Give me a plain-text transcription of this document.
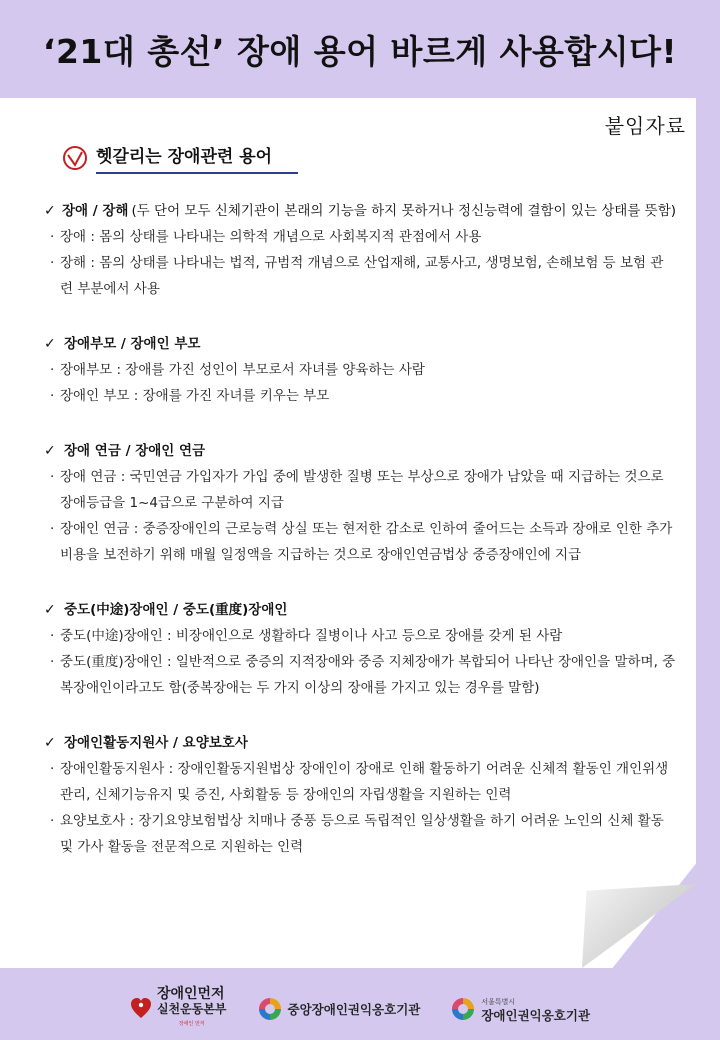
‘21대 총선’ 장애 용어 바르게 사용합시다!
붙임자료
헷갈리는 장애관련 용어
✓ 장애 / 장해 (두 단어 모두 신체기관이 본래의 기능을 하지 못하거나 정신능력에 결함이 있는 상태를 뜻함)
· 장애 : 몸의 상태를 나타내는 의학적 개념으로 사회복지적 관점에서 사용
· 장해 : 몸의 상태를 나타내는 법적, 규범적 개념으로 산업재해, 교통사고, 생명보험, 손해보험 등 보험 관련 부분에서 사용
✓ 장애부모 / 장애인 부모
· 장애부모 : 장애를 가진 성인이 부모로서 자녀를 양육하는 사람
· 장애인 부모 : 장애를 가진 자녀를 키우는 부모
✓ 장애 연금 / 장애인 연금
· 장애 연금 : 국민연금 가입자가 가입 중에 발생한 질병 또는 부상으로 장애가 남았을 때 지급하는 것으로 장애등급을 1~4급으로 구분하여 지급
· 장애인 연금 : 중증장애인의 근로능력 상실 또는 현저한 감소로 인하여 줄어드는 소득과 장애로 인한 추가 비용을 보전하기 위해 매월 일정액을 지급하는 것으로 장애인연금법상 중증장애인에 지급
✓ 중도(中途)장애인 / 중도(重度)장애인
· 중도(中途)장애인 : 비장애인으로 생활하다 질병이나 사고 등으로 장애를 갖게 된 사람
· 중도(重度)장애인 : 일반적으로 중증의 지적장애와 중증 지체장애가 복합되어 나타난 장애인을 말하며, 중복장애인이라고도 함(중복장애는 두 가지 이상의 장애를 가지고 있는 경우를 말함)
✓ 장애인활동지원사 / 요양보호사
· 장애인활동지원사 : 장애인활동지원법상 장애인이 장애로 인해 활동하기 어려운 신체적 활동인 개인위생관리, 신체기능유지 및 증진, 사회활동 등 장애인의 자립생활을 지원하는 인력
· 요양보호사 : 장기요양보험법상 치매나 중풍 등으로 독립적인 일상생활을 하기 어려운 노인의 신체 활동 및 가사 활동을 전문적으로 지원하는 인력
장애인먼저
실천운동본부
장애인 먼저
중앙장애인권익옹호기관	서울특별시
장애인권익옹호기관
